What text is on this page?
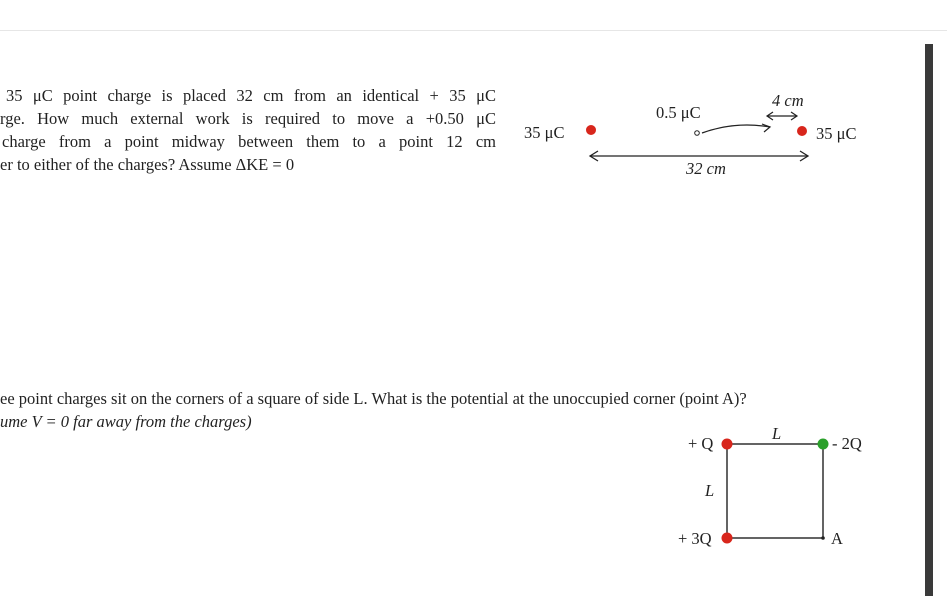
35 μC point charge is placed 32 cm from an identical + 35 μC
rge. How much external work is required to move a +0.50 μC
charge from a point midway between them to a point 12 cm
er to either of the charges? Assume ΔKE = 0
35 μC	35 μC
0.5 μC
32 cm
4 cm
ee point charges sit on the corners of a square of side L. What is the potential at the unoccupied corner (point A)?
ume V = 0 far away from the charges)
+ Q	- 2Q
+ 3Q	A
L
L
